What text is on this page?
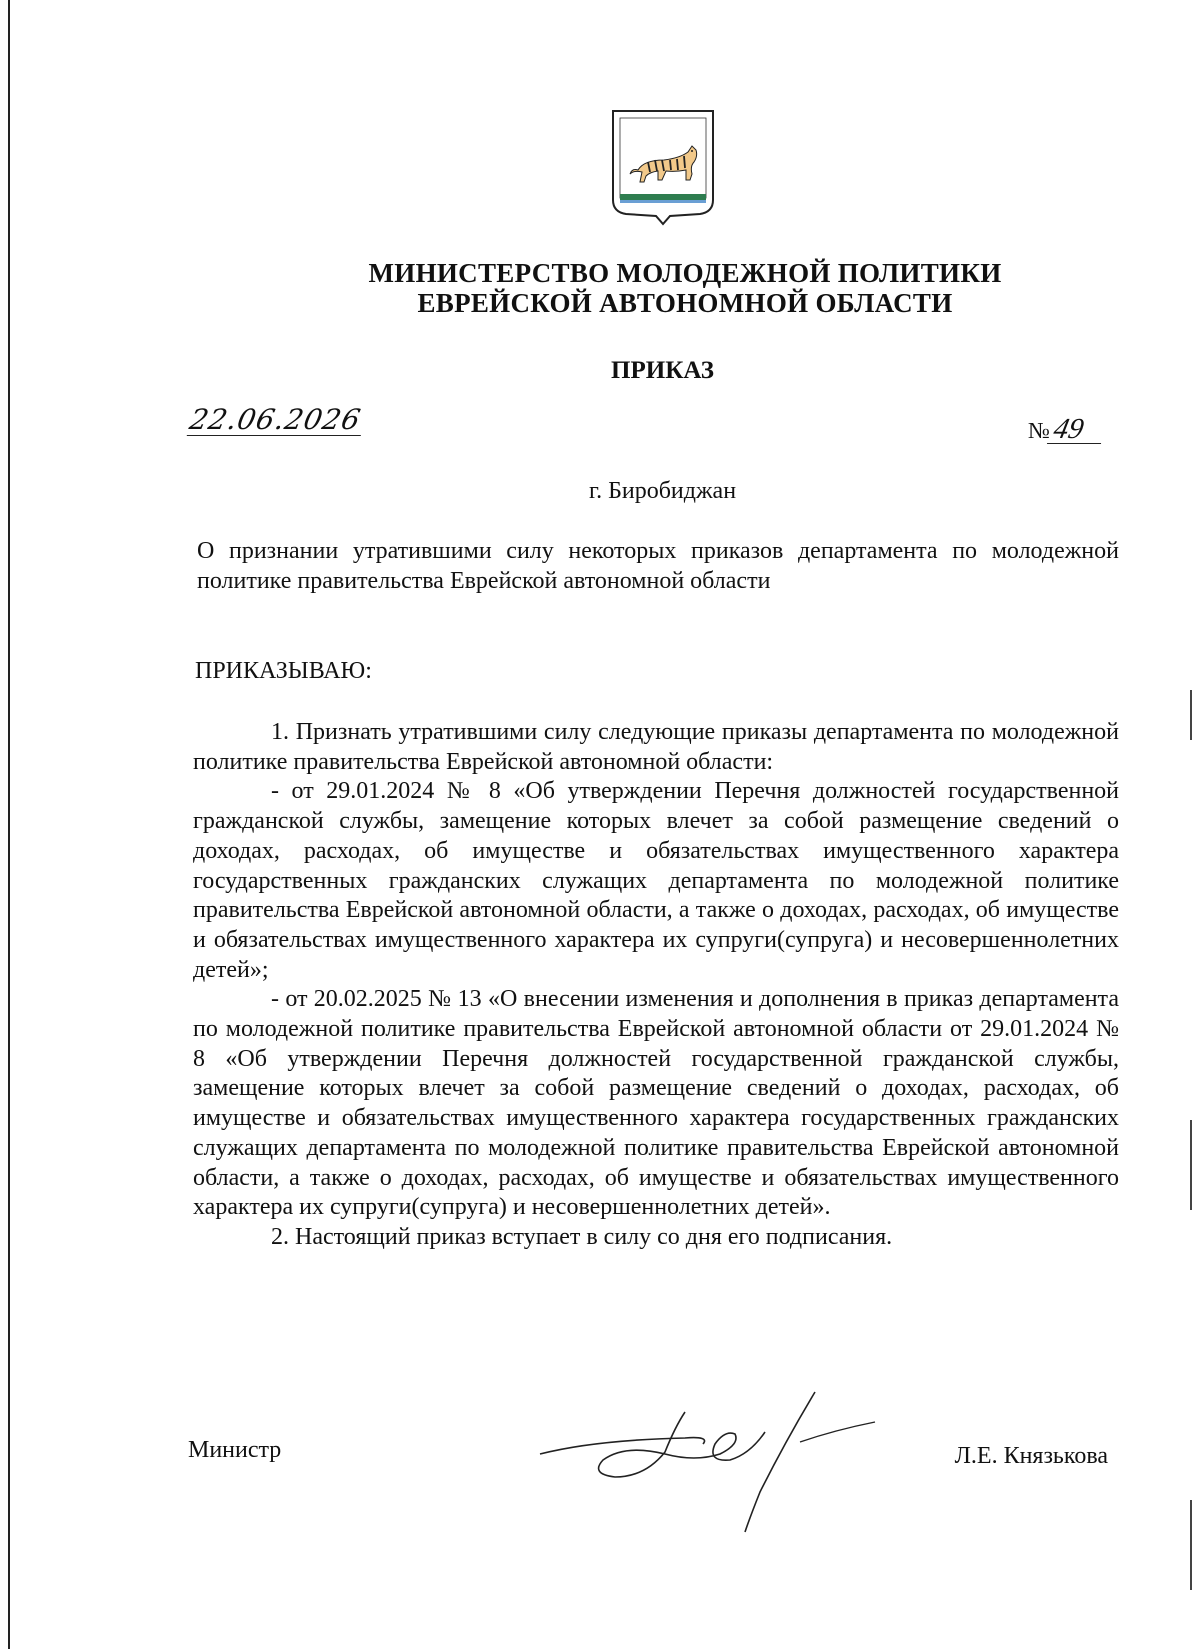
МИНИСТЕРСТВО МОЛОДЕЖНОЙ ПОЛИТИКИ
ЕВРЕЙСКОЙ АВТОНОМНОЙ ОБЛАСТИ
ПРИКАЗ
22.06.2026	№ 49
г. Биробиджан
О признании утратившими силу некоторых приказов департамента по молодежной политике правительства Еврейской автономной области
ПРИКАЗЫВАЮ:

1. Признать утратившими силу следующие приказы департамента по молодежной политике правительства Еврейской автономной области:

- от 29.01.2024 № 8 «Об утверждении Перечня должностей государственной гражданской службы, замещение которых влечет за собой размещение сведений о доходах, расходах, об имуществе и обязательствах имущественного характера государственных гражданских служащих департамента по молодежной политике правительства Еврейской автономной области, а также о доходах, расходах, об имуществе и обязательствах имущественного характера их супруги(супруга) и несовершеннолетних детей»;

- от 20.02.2025 № 13 «О внесении изменения и дополнения в приказ департамента по молодежной политике правительства Еврейской автономной области от 29.01.2024 № 8 «Об утверждении Перечня должностей государственной гражданской службы, замещение которых влечет за собой размещение сведений о доходах, расходах, об имуществе и обязательствах имущественного характера государственных гражданских служащих департамента по молодежной политике правительства Еврейской автономной области, а также о доходах, расходах, об имуществе и обязательствах имущественного характера их супруги(супруга) и несовершеннолетних детей».

2. Настоящий приказ вступает в силу со дня его подписания.

Министр	Л.Е. Князькова
